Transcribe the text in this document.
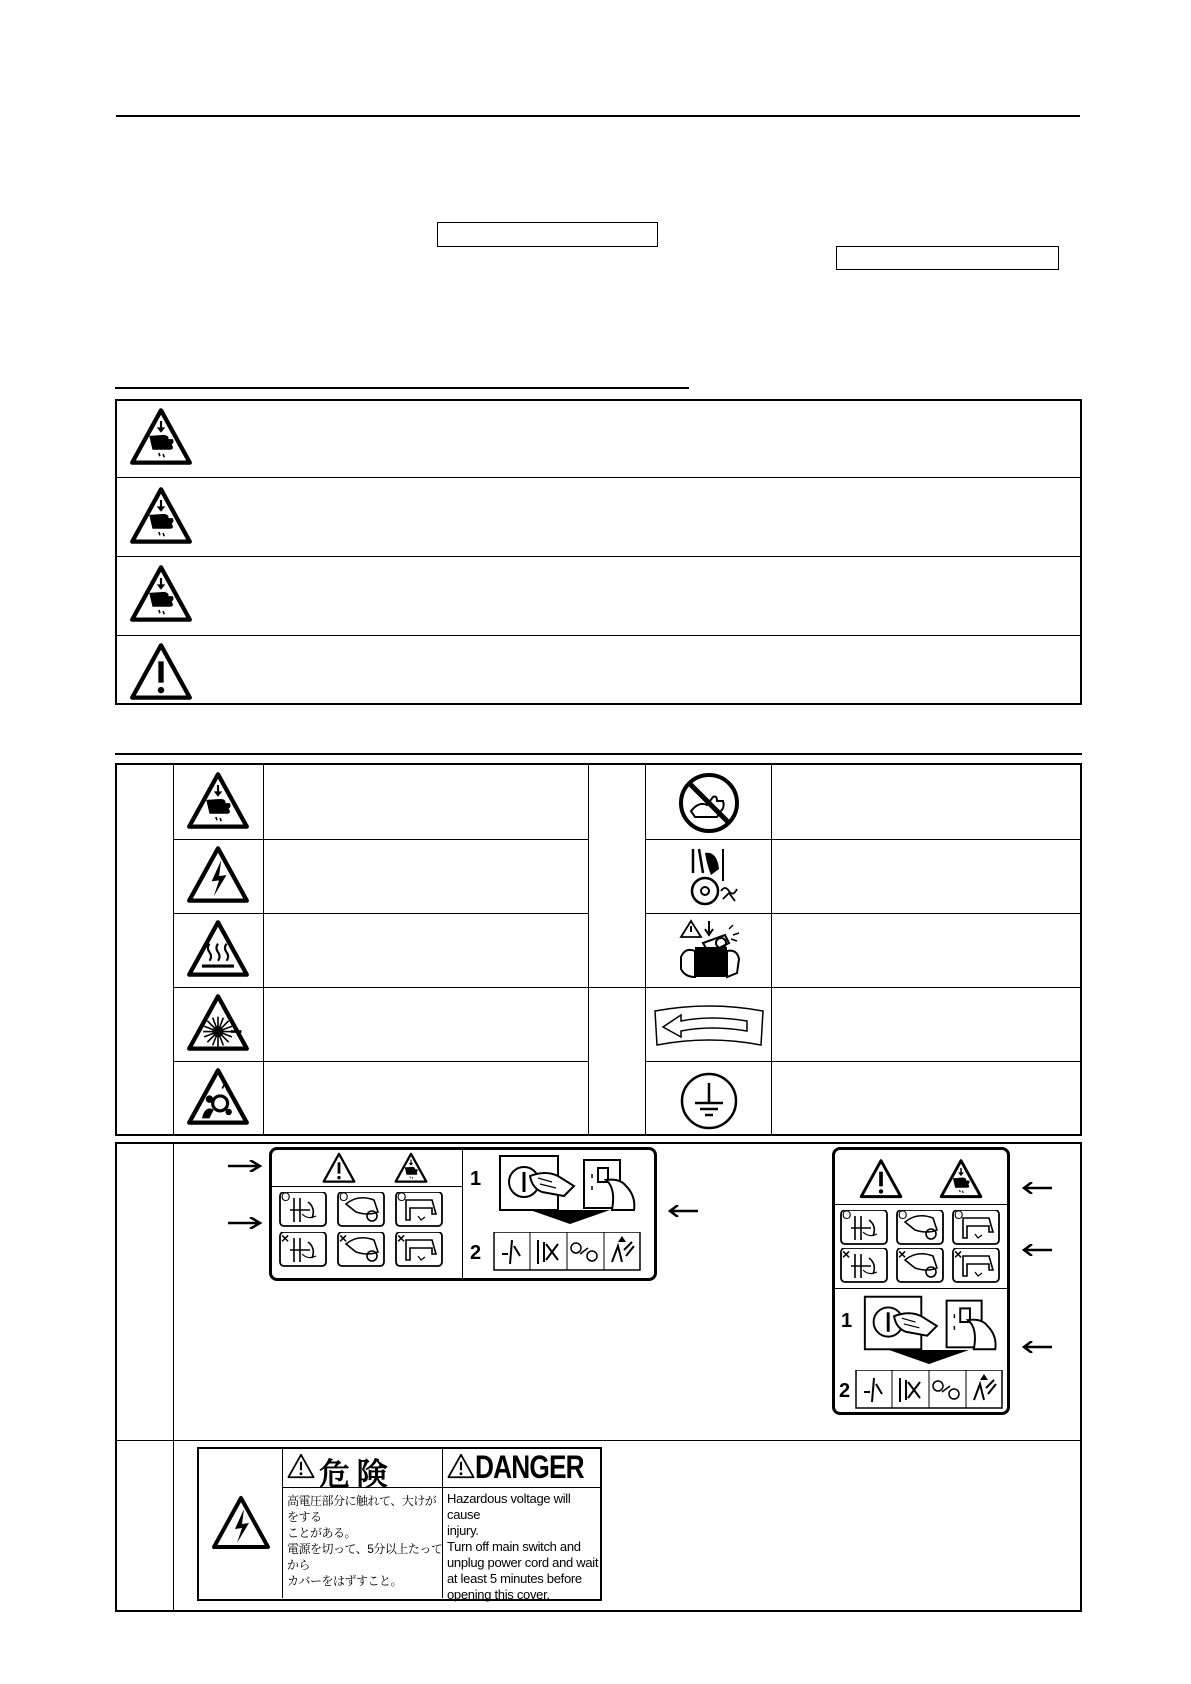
O	O	O
×	×	×
1
2
O	O	O
×	×	×
1
2
危 険	DANGER
高電圧部分に触れて、大けがをする
ことがある。
電源を切って、5分以上たってから
カバーをはずすこと。
Hazardous voltage will cause
injury.
Turn off main switch and
unplug power cord and wait
at least 5 minutes before
opening this cover.
